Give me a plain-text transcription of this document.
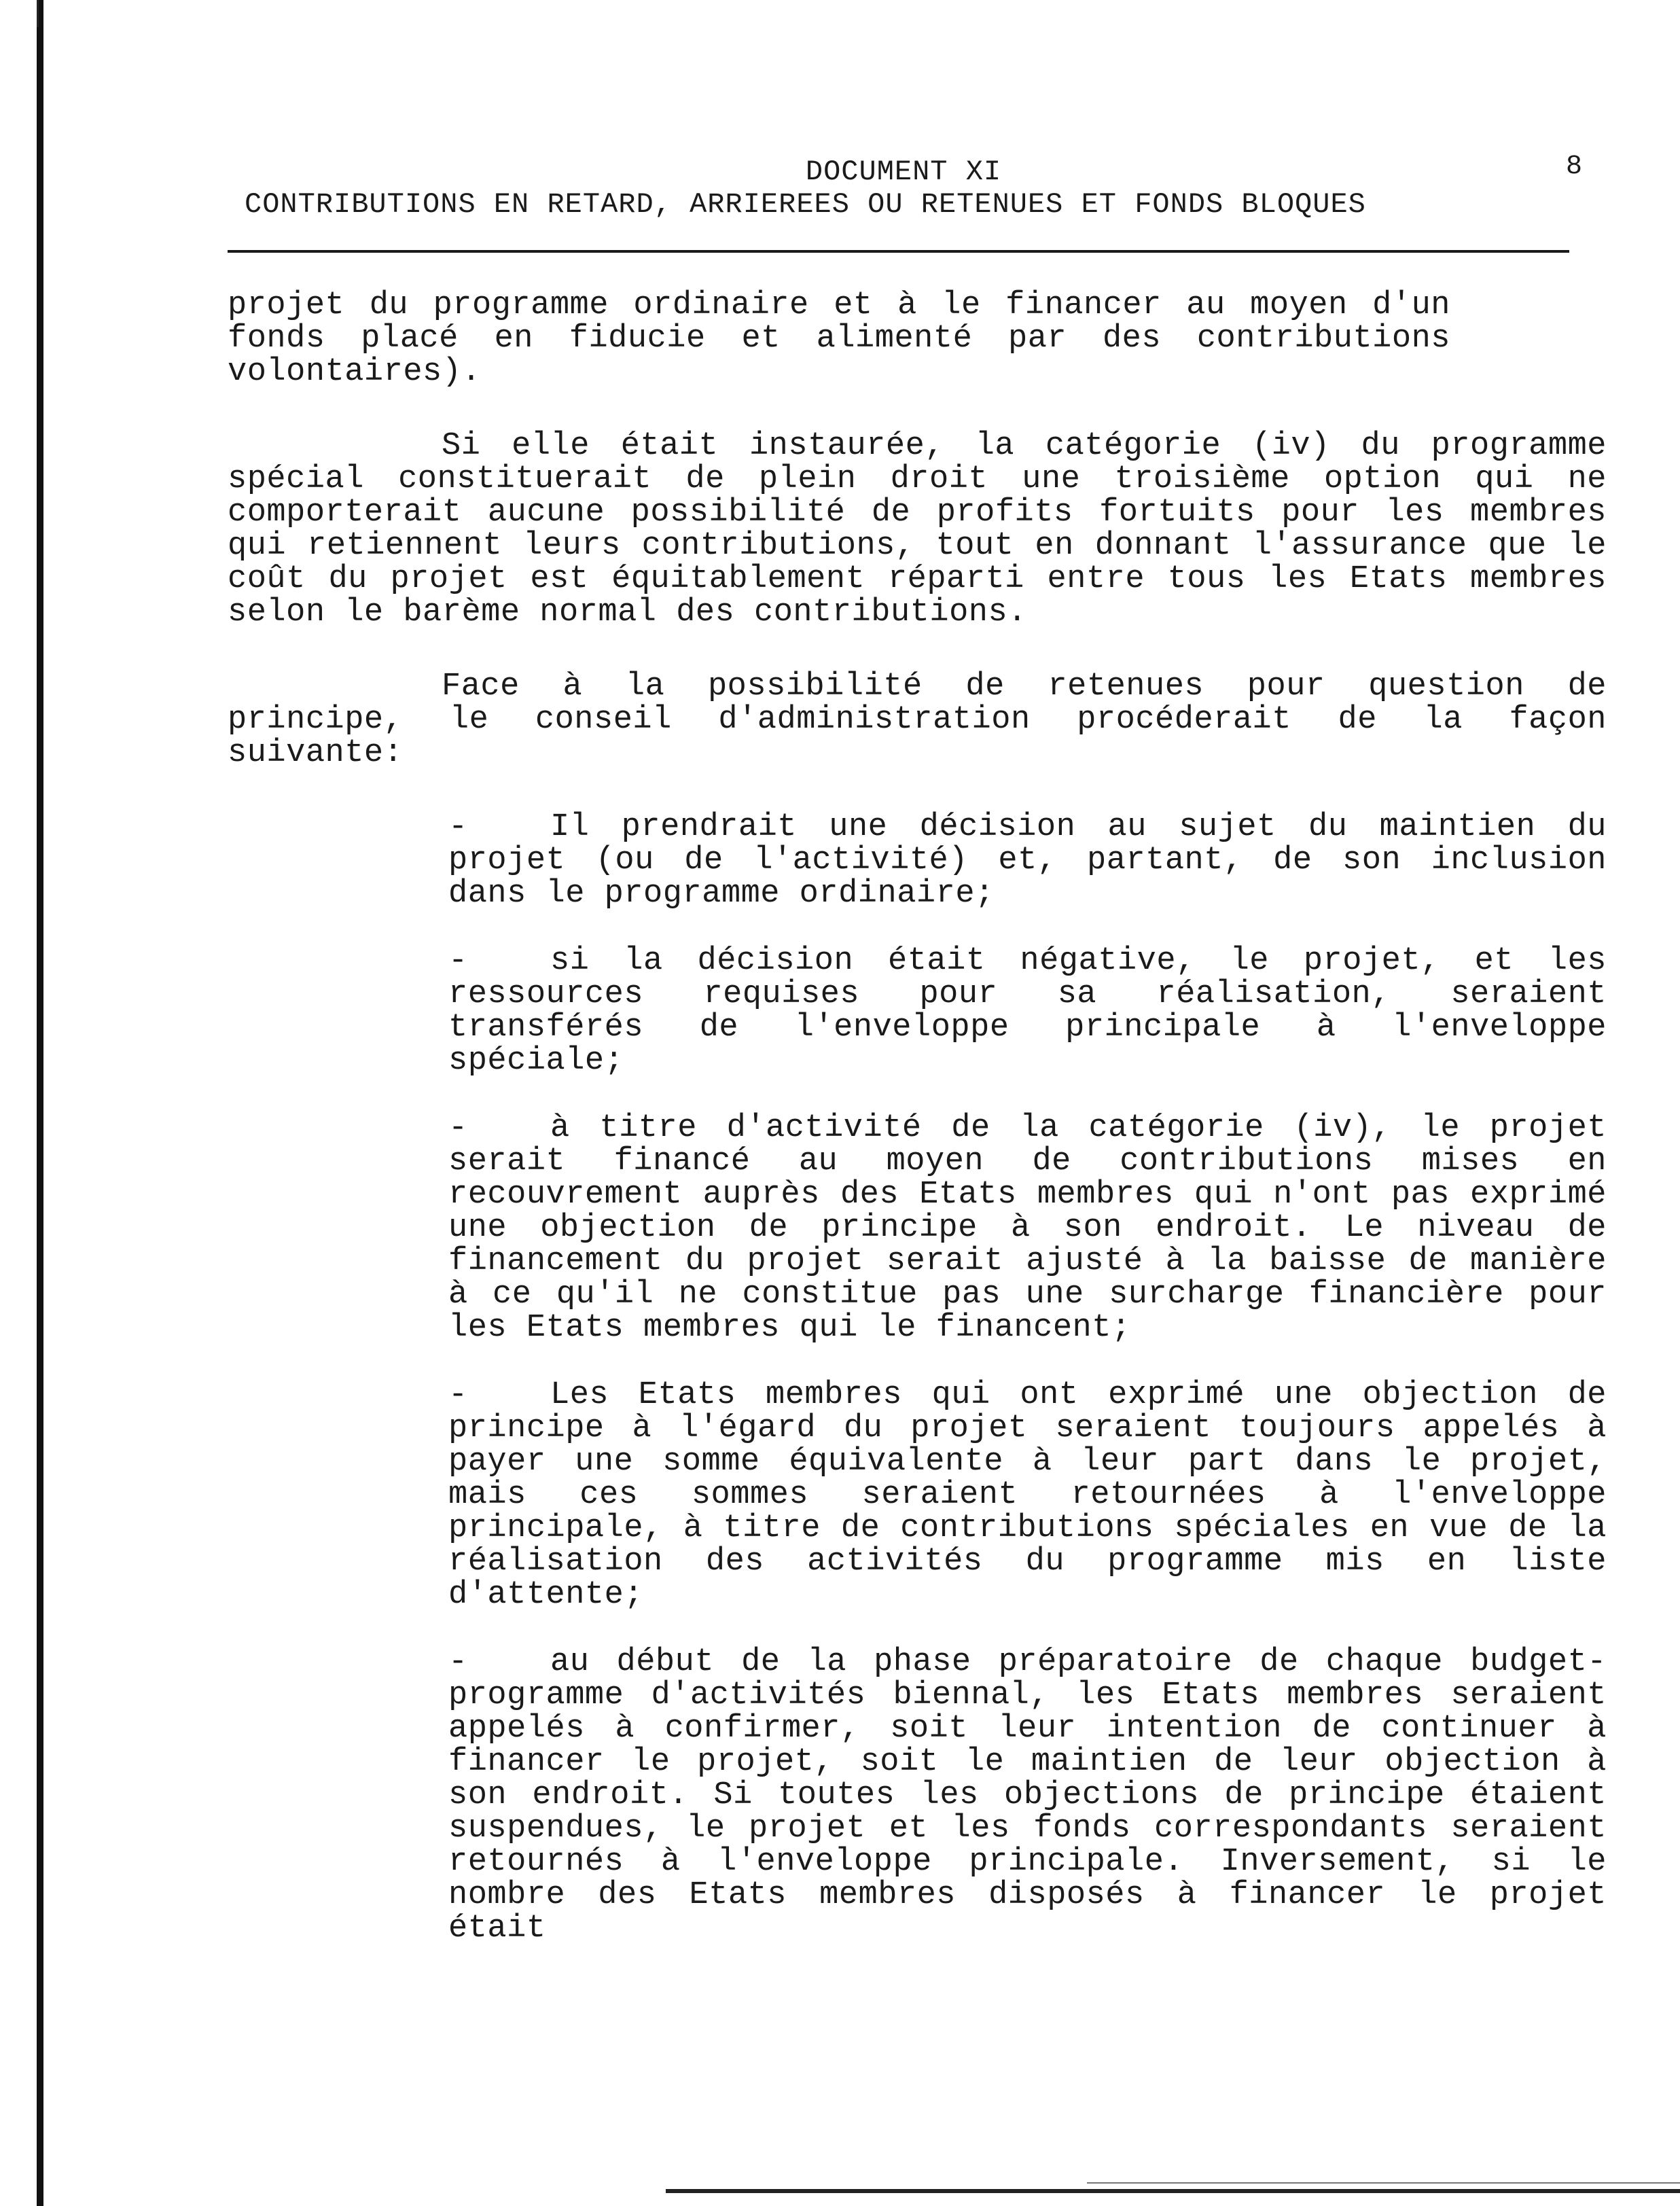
8

DOCUMENT XI

CONTRIBUTIONS EN RETARD, ARRIEREES OU RETENUES ET FONDS BLOQUES

projet du programme ordinaire et à le financer au moyen d'un fonds placé en fiducie et alimenté par des contributions volontaires).

Si elle était instaurée, la catégorie (iv) du programme spécial constituerait de plein droit une troisième option qui ne comporterait aucune possibilité de profits fortuits pour les membres qui retiennent leurs contributions, tout en donnant l'assurance que le coût du projet est équitablement réparti entre tous les Etats membres selon le barème normal des contributions.

Face à la possibilité de retenues pour question de principe, le conseil d'administration procéderait de la façon suivante:

-	Il prendrait une décision au sujet du maintien du projet (ou de l'activité) et, partant, de son inclusion dans le programme ordinaire;
-	si la décision était négative, le projet, et les ressources requises pour sa réalisation, seraient transférés de l'enveloppe principale à l'enveloppe spéciale;
-	à titre d'activité de la catégorie (iv), le projet serait financé au moyen de contributions mises en recouvrement auprès des Etats membres qui n'ont pas exprimé une objection de principe à son endroit. Le niveau de financement du projet serait ajusté à la baisse de manière à ce qu'il ne constitue pas une surcharge financière pour les Etats membres qui le financent;
-	Les Etats membres qui ont exprimé une objection de principe à l'égard du projet seraient toujours appelés à payer une somme équivalente à leur part dans le projet, mais ces sommes seraient retournées à l'enveloppe principale, à titre de contributions spéciales en vue de la réalisation des activités du programme mis en liste d'attente;
-	au début de la phase préparatoire de chaque budget-programme d'activités biennal, les Etats membres seraient appelés à confirmer, soit leur intention de continuer à financer le projet, soit le maintien de leur objection à son endroit. Si toutes les objections de principe étaient suspendues, le projet et les fonds correspondants seraient retournés à l'enveloppe principale. Inversement, si le nombre des Etats membres disposés à financer le projet était
